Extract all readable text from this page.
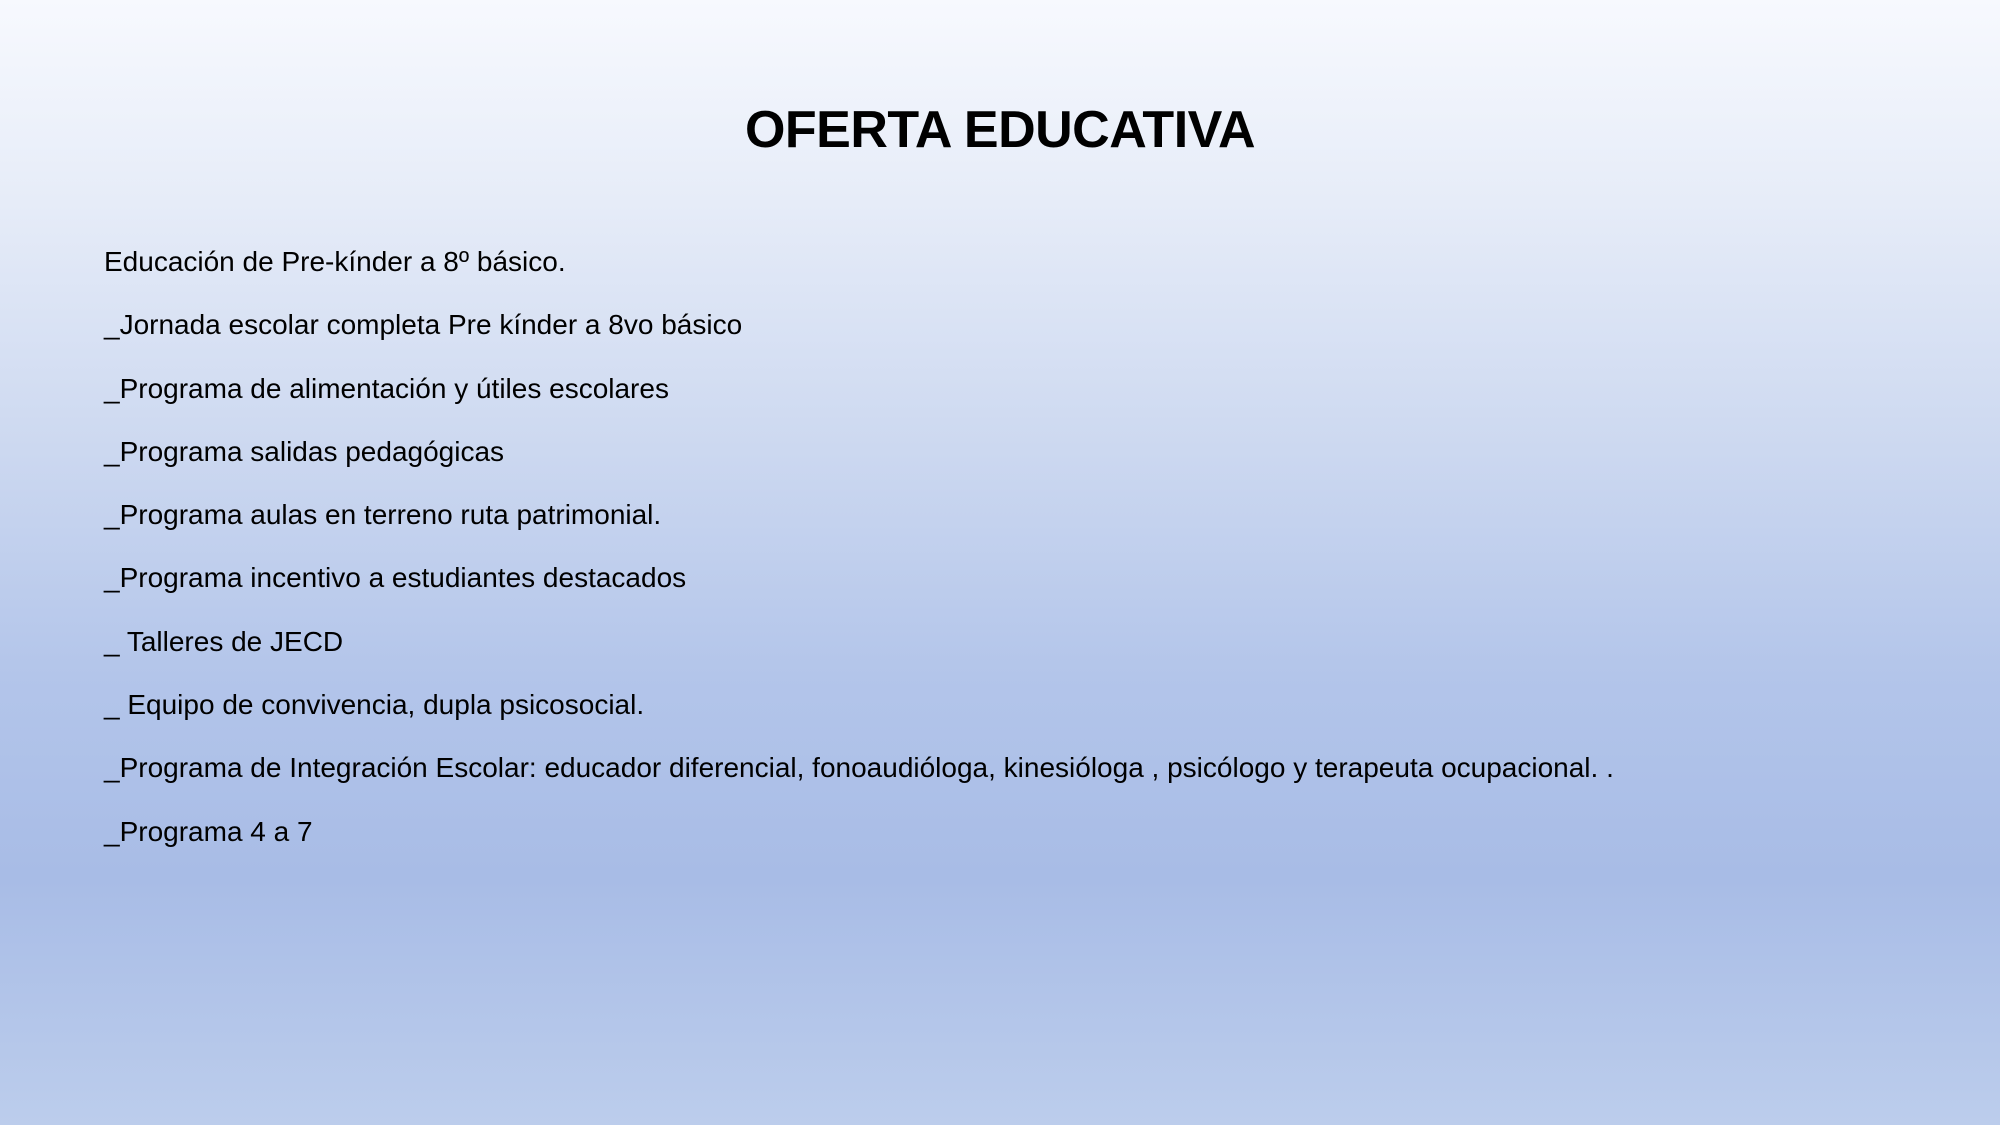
OFERTA EDUCATIVA
Educación de Pre-kínder a 8º básico.
_Jornada escolar completa Pre kínder a 8vo básico
_Programa de alimentación y útiles escolares
_Programa salidas pedagógicas
_Programa aulas en terreno ruta patrimonial.
_Programa incentivo a estudiantes destacados
_ Talleres de JECD
_ Equipo de convivencia, dupla psicosocial.
_Programa de Integración Escolar: educador diferencial, fonoaudióloga, kinesióloga , psicólogo y terapeuta ocupacional. .
_Programa 4 a 7
